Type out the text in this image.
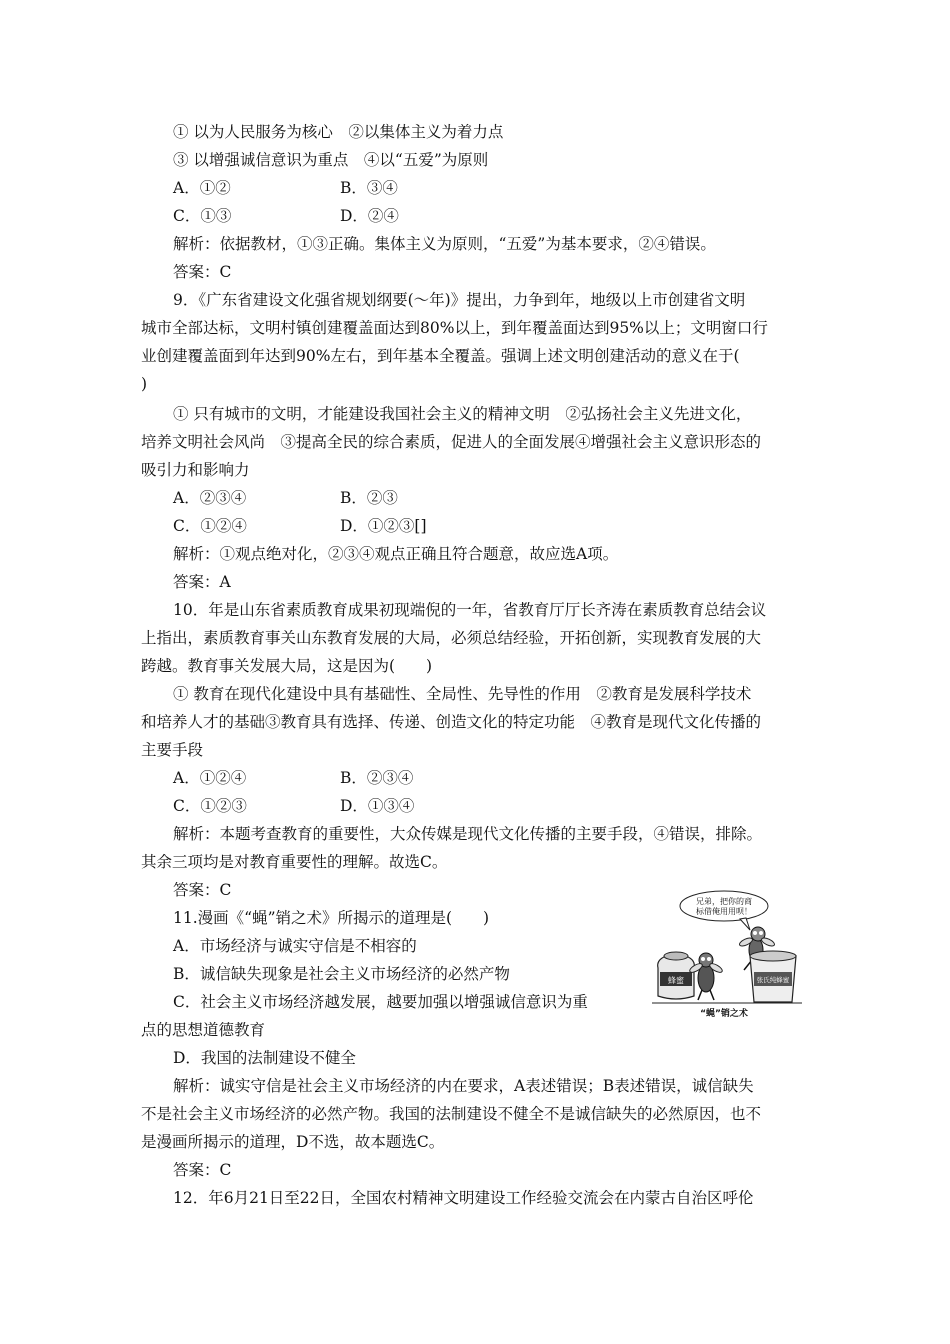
① 以为人民服务为核心　②以集体主义为着力点
③ 以增强诚信意识为重点　④以“五爱”为原则
A．①②	B．③④
C．①③	D．②④
解析：依据教材，①③正确。集体主义为原则，“五爱”为基本要求，②④错误。
答案：C
9．《广东省建设文化强省规划纲要(～年)》提出，力争到年，地级以上市创建省文明
城市全部达标，文明村镇创建覆盖面达到80%以上，到年覆盖面达到95%以上；文明窗口行
业创建覆盖面到年达到90%左右，到年基本全覆盖。强调上述文明创建活动的意义在于(
)
① 只有城市的文明，才能建设我国社会主义的精神文明　②弘扬社会主义先进文化，
培养文明社会风尚　③提高全民的综合素质，促进人的全面发展④增强社会主义意识形态的
吸引力和影响力
A．②③④	B．②③
C．①②④	D．①②③[]
解析：①观点绝对化，②③④观点正确且符合题意，故应选A项。
答案：A
10．年是山东省素质教育成果初现端倪的一年，省教育厅厅长齐涛在素质教育总结会议
上指出，素质教育事关山东教育发展的大局，必须总结经验，开拓创新，实现教育发展的大
跨越。教育事关发展大局，这是因为(　　)
① 教育在现代化建设中具有基础性、全局性、先导性的作用　②教育是发展科学技术
和培养人才的基础③教育具有选择、传递、创造文化的特定功能　④教育是现代文化传播的
主要手段
A．①②④	B．②③④
C．①②③	D．①③④
解析：本题考查教育的重要性，大众传媒是现代文化传播的主要手段，④错误，排除。
其余三项均是对教育重要性的理解。故选C。
答案：C
11.漫画《“蝇”销之术》所揭示的道理是(　　)
A．市场经济与诚实守信是不相容的
B．诚信缺失现象是社会主义市场经济的必然产物
C．社会主义市场经济越发展，越要加强以增强诚信意识为重
点的思想道德教育
D．我国的法制建设不健全
解析：诚实守信是社会主义市场经济的内在要求，A表述错误；B表述错误，诚信缺失
不是社会主义市场经济的必然产物。我国的法制建设不健全不是诚信缺失的必然原因，也不
是漫画所揭示的道理，D不选，故本题选C。
答案：C
12．年6月21日至22日，全国农村精神文明建设工作经验交流会在内蒙古自治区呼伦
兄弟，把你的商
标借俺用用呗！
蜂蜜	张氏纯蜂蜜
“蝇”销之术
